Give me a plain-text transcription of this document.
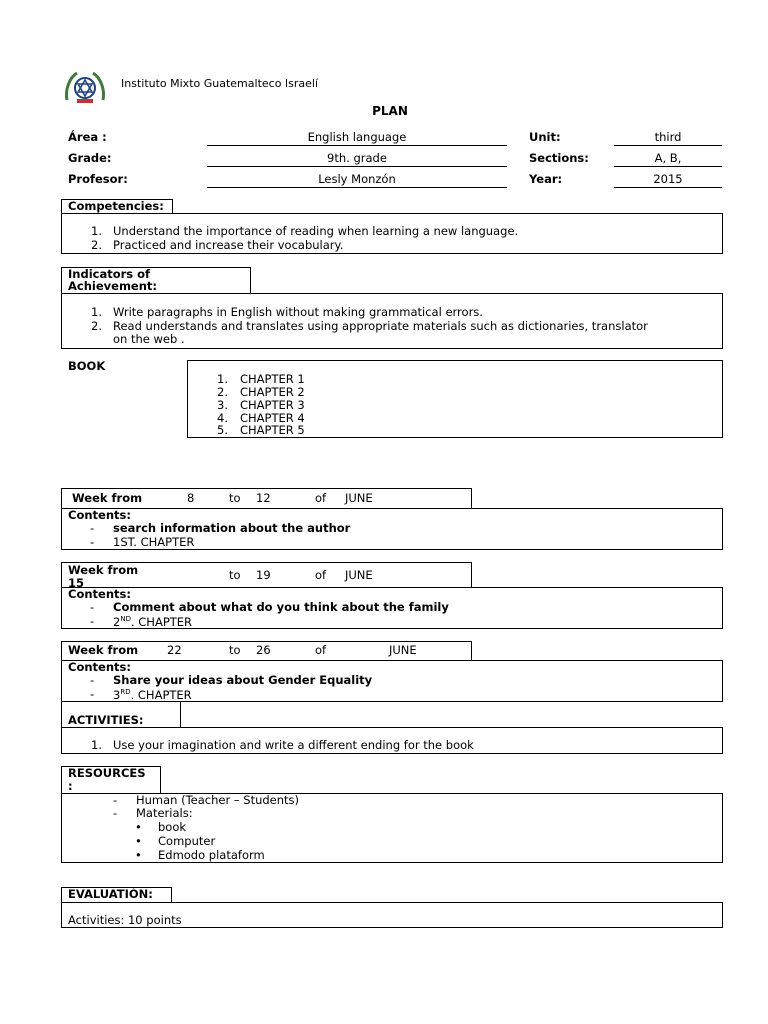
Instituto Mixto Guatemalteco Israelí
PLAN
Área :	English language	Unit:	third
Grade:	9th. grade	Sections:	A, B,
Profesor:	Lesly Monzón	Year:	2015
Competencies:
1. Understand the importance of reading when learning a new language.
2. Practiced and increase their vocabulary.
Indicators of
Achievement:
1. Write paragraphs in English without making grammatical errors.
2. Read understands and translates using appropriate materials such as dictionaries, translator
on the web .
BOOK
1. CHAPTER 1
2. CHAPTER 2
3. CHAPTER 3
4. CHAPTER 4
5. CHAPTER 5
Week from	8	to 12	of JUNE
Contents:
- search information about the author
- 1ST. CHAPTER
Week from
15
to 19	of JUNE
Contents:
- Comment about what do you think about the family
- 2ND. CHAPTER
Week from	22	to 26	of	JUNE
Contents:
- Share your ideas about Gender Equality
- 3RD. CHAPTER
ACTIVITIES:
1. Use your imagination and write a different ending for the book
RESOURCES
:
- Human (Teacher – Students)
- Materials:
• book
• Computer
• Edmodo plataform
EVALUATIÓN:
Activities: 10 points
